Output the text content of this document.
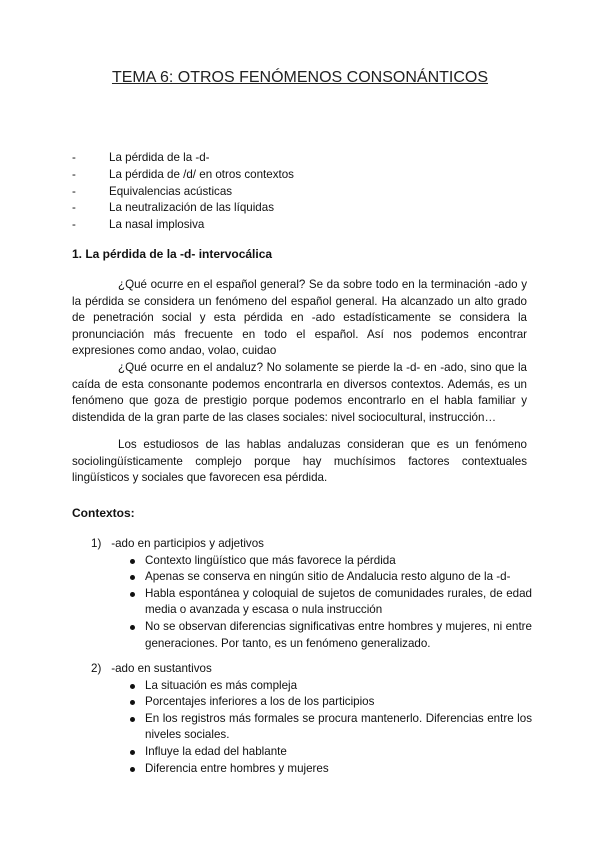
TEMA 6: OTROS FENÓMENOS CONSONÁNTICOS
-	La pérdida de la -d-
-	La pérdida de /d/ en otros contextos
-	Equivalencias acústicas
-	La neutralización de las líquidas
-	La nasal implosiva
1. La pérdida de la -d- intervocálica

¿Qué ocurre en el español general? Se da sobre todo en la terminación -ado y la pérdida se considera un fenómeno del español general. Ha alcanzado un alto grado de penetración social y esta pérdida en -ado estadísticamente se considera la pronunciación más frecuente en todo el español. Así nos podemos encontrar expresiones como andao, volao, cuidao

¿Qué ocurre en el andaluz? No solamente se pierde la -d- en -ado, sino que la caída de esta consonante podemos encontrarla en diversos contextos. Además, es un fenómeno que goza de prestigio porque podemos encontrarlo en el habla familiar y distendida de la gran parte de las clases sociales: nivel sociocultural, instrucción…

Los estudiosos de las hablas andaluzas consideran que es un fenómeno sociolingüísticamente complejo porque hay muchísimos factores contextuales lingüísticos y sociales que favorecen esa pérdida.

Contextos:
1) -ado en participios y adjetivos
Contexto lingüístico que más favorece la pérdida
Apenas se conserva en ningún sitio de Andalucia resto alguno de la -d-
Habla espontánea y coloquial de sujetos de comunidades rurales, de edad media o avanzada y escasa o nula instrucción
No se observan diferencias significativas entre hombres y mujeres, ni entre generaciones. Por tanto, es un fenómeno generalizado.
2) -ado en sustantivos
La situación es más compleja
Porcentajes inferiores a los de los participios
En los registros más formales se procura mantenerlo. Diferencias entre los niveles sociales.
Influye la edad del hablante
Diferencia entre hombres y mujeres
